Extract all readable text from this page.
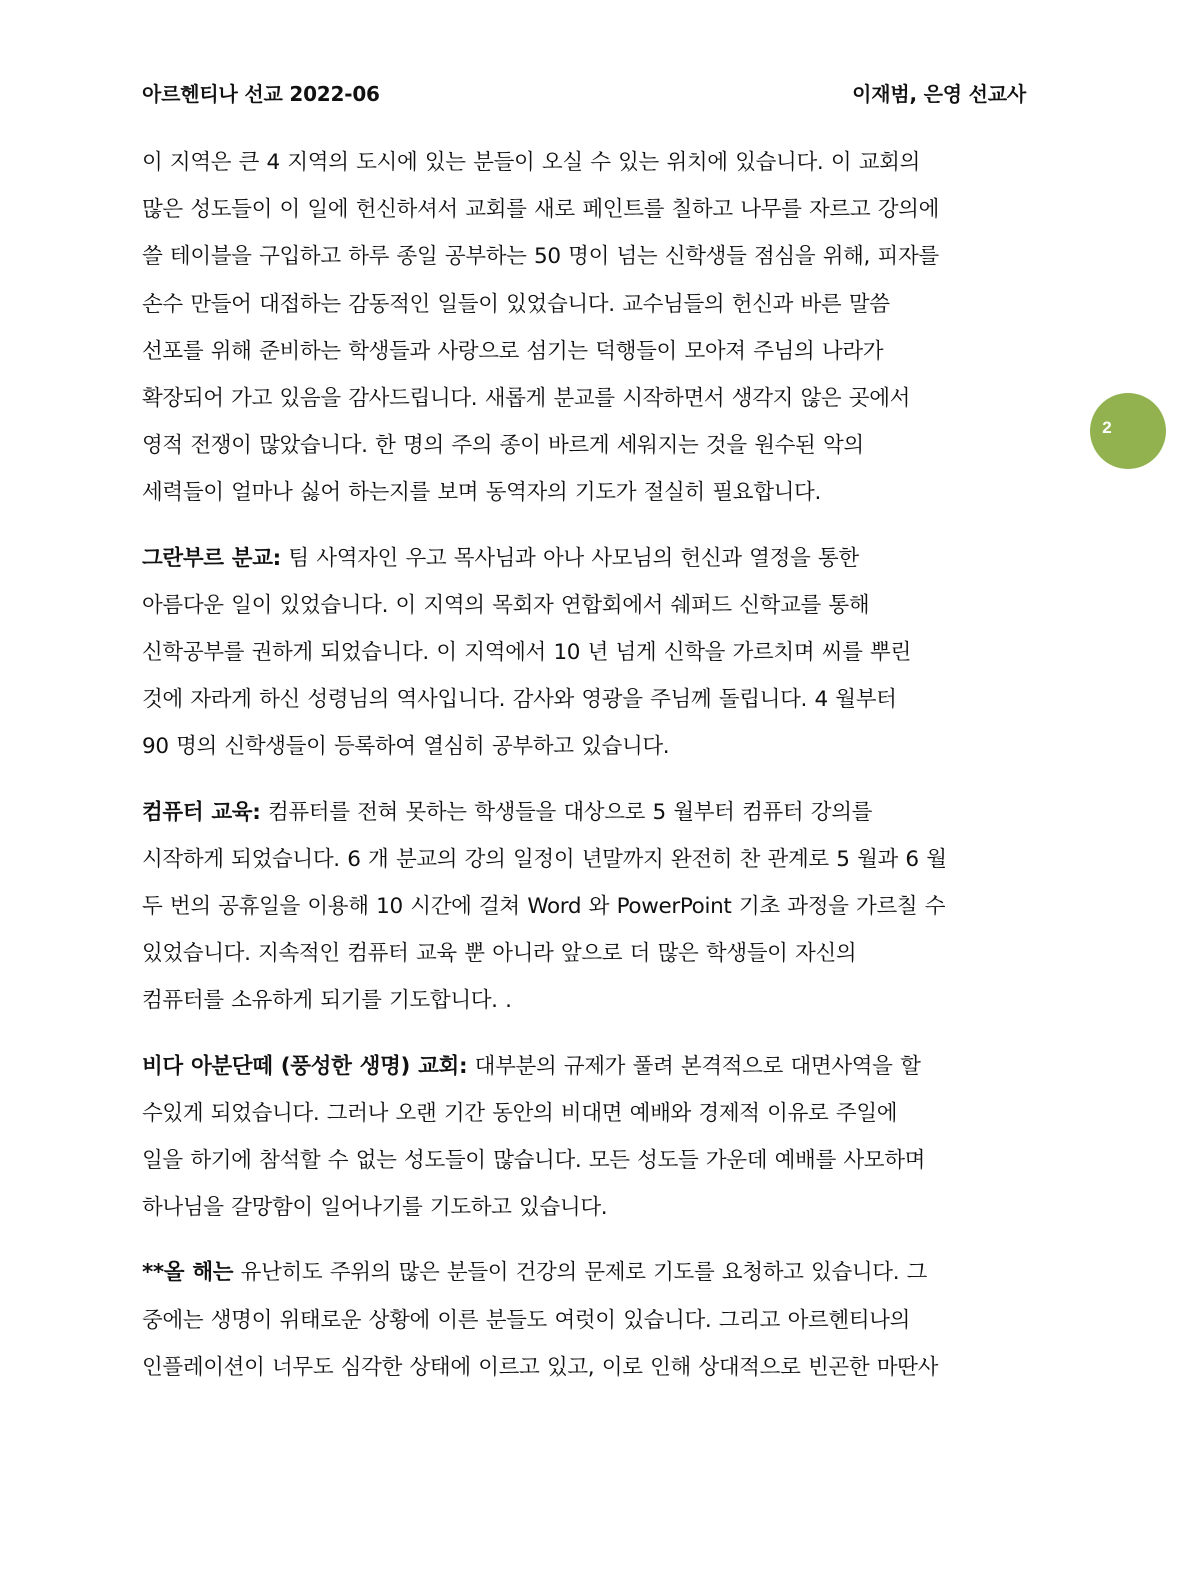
아르헨티나 선교 2022-06	이재범, 은영 선교사
2

이 지역은 큰 4 지역의 도시에 있는 분들이 오실 수 있는 위치에 있습니다. 이 교회의
많은 성도들이 이 일에 헌신하셔서 교회를 새로 페인트를 칠하고 나무를 자르고 강의에
쓸 테이블을 구입하고 하루 종일 공부하는 50 명이 넘는 신학생들 점심을 위해, 피자를
손수 만들어 대접하는 감동적인 일들이 있었습니다. 교수님들의 헌신과 바른 말씀
선포를 위해 준비하는 학생들과 사랑으로 섬기는 덕행들이 모아져 주님의 나라가
확장되어 가고 있음을 감사드립니다. 새롭게 분교를 시작하면서 생각지 않은 곳에서
영적 전쟁이 많았습니다. 한 명의 주의 종이 바르게 세워지는 것을 원수된 악의
세력들이 얼마나 싫어 하는지를 보며 동역자의 기도가 절실히 필요합니다.

그란부르 분교: 팀 사역자인 우고 목사님과 아나 사모님의 헌신과 열정을 통한
아름다운 일이 있었습니다. 이 지역의 목회자 연합회에서 쉐퍼드 신학교를 통해
신학공부를 권하게 되었습니다. 이 지역에서 10 년 넘게 신학을 가르치며 씨를 뿌린
것에 자라게 하신 성령님의 역사입니다. 감사와 영광을 주님께 돌립니다. 4 월부터
90 명의 신학생들이 등록하여 열심히 공부하고 있습니다.

컴퓨터 교육: 컴퓨터를 전혀 못하는 학생들을 대상으로 5 월부터 컴퓨터 강의를
시작하게 되었습니다. 6 개 분교의 강의 일정이 년말까지 완전히 찬 관계로 5 월과 6 월
두 번의 공휴일을 이용해 10 시간에 걸쳐 Word 와 PowerPoint 기초 과정을 가르칠 수
있었습니다. 지속적인 컴퓨터 교육 뿐 아니라 앞으로 더 많은 학생들이 자신의
컴퓨터를 소유하게 되기를 기도합니다. .

비다 아분단떼 (풍성한 생명) 교회: 대부분의 규제가 풀려 본격적으로 대면사역을 할
수있게 되었습니다. 그러나 오랜 기간 동안의 비대면 예배와 경제적 이유로 주일에
일을 하기에 참석할 수 없는 성도들이 많습니다. 모든 성도들 가운데 예배를 사모하며
하나님을 갈망함이 일어나기를 기도하고 있습니다.

**올 해는 유난히도 주위의 많은 분들이 건강의 문제로 기도를 요청하고 있습니다. 그
중에는 생명이 위태로운 상황에 이른 분들도 여럿이 있습니다. 그리고 아르헨티나의
인플레이션이 너무도 심각한 상태에 이르고 있고, 이로 인해 상대적으로 빈곤한 마딴사
